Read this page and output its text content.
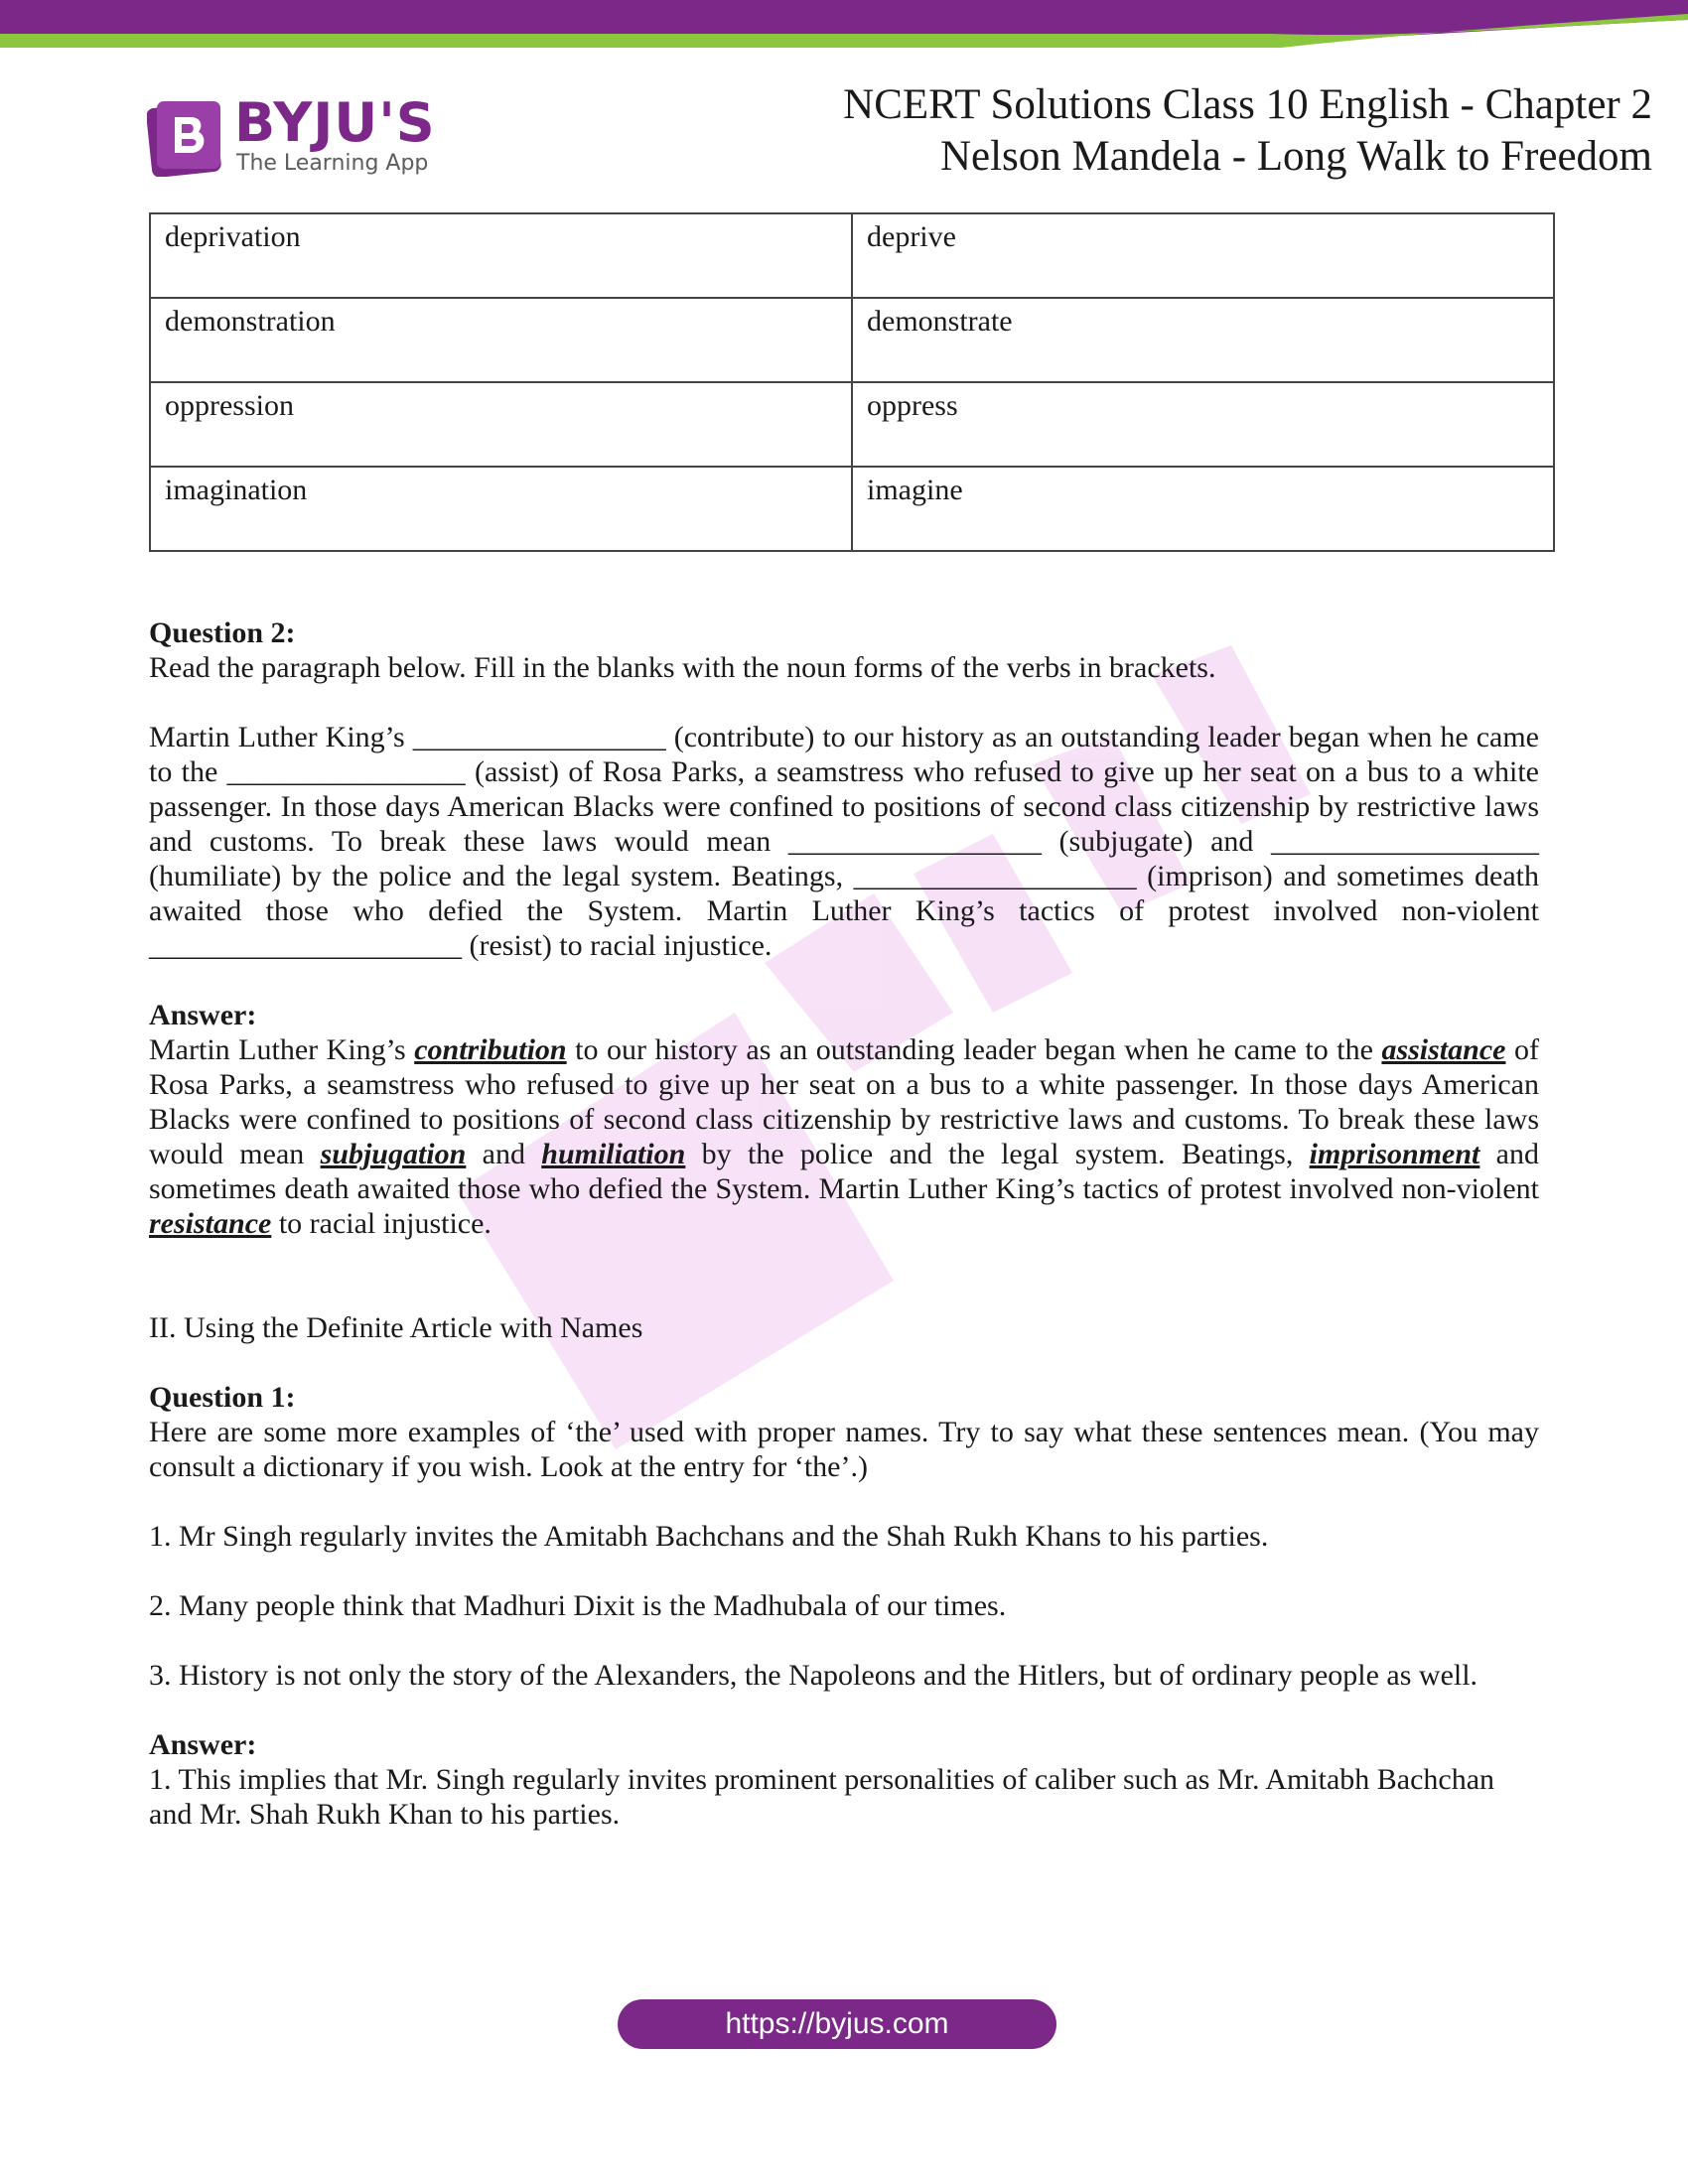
BYJU'S
The Learning App
NCERT Solutions Class 10 English - Chapter 2
Nelson Mandela - Long Walk to Freedom
deprivation	deprive
demonstration	demonstrate
oppression	oppress
imagination	imagine

Question 2:

Read the paragraph below. Fill in the blanks with the noun forms of the verbs in brackets.

Martin Luther King’s _________________ (contribute) to our history as an outstanding leader began when he came to the ________________ (assist) of Rosa Parks, a seamstress who refused to give up her seat on a bus to a white passenger. In those days American Blacks were confined to positions of second class citizenship by restrictive laws and customs. To break these laws would mean _________________ (subjugate) and __________________ (humiliate) by the police and the legal system. Beatings, ___________________ (imprison) and sometimes death awaited those who defied the System. Martin Luther King’s tactics of protest involved non-violent _____________________ (resist) to racial injustice.

Answer:

Martin Luther King’s contribution to our history as an outstanding leader began when he came to the assistance of Rosa Parks, a seamstress who refused to give up her seat on a bus to a white passenger. In those days American Blacks were confined to positions of second class citizenship by restrictive laws and customs. To break these laws would mean subjugation and humiliation by the police and the legal system. Beatings, imprisonment and sometimes death awaited those who defied the System. Martin Luther King’s tactics of protest involved non-violent resistance to racial injustice.

II. Using the Definite Article with Names

Question 1:

Here are some more examples of ‘the’ used with proper names. Try to say what these sentences mean. (You may consult a dictionary if you wish. Look at the entry for ‘the’.)

1. Mr Singh regularly invites the Amitabh Bachchans and the Shah Rukh Khans to his parties.

2. Many people think that Madhuri Dixit is the Madhubala of our times.

3. History is not only the story of the Alexanders, the Napoleons and the Hitlers, but of ordinary people as well.

Answer:

1. This implies that Mr. Singh regularly invites prominent personalities of caliber such as Mr. Amitabh Bachchan and Mr. Shah Rukh Khan to his parties.

https://byjus.com
